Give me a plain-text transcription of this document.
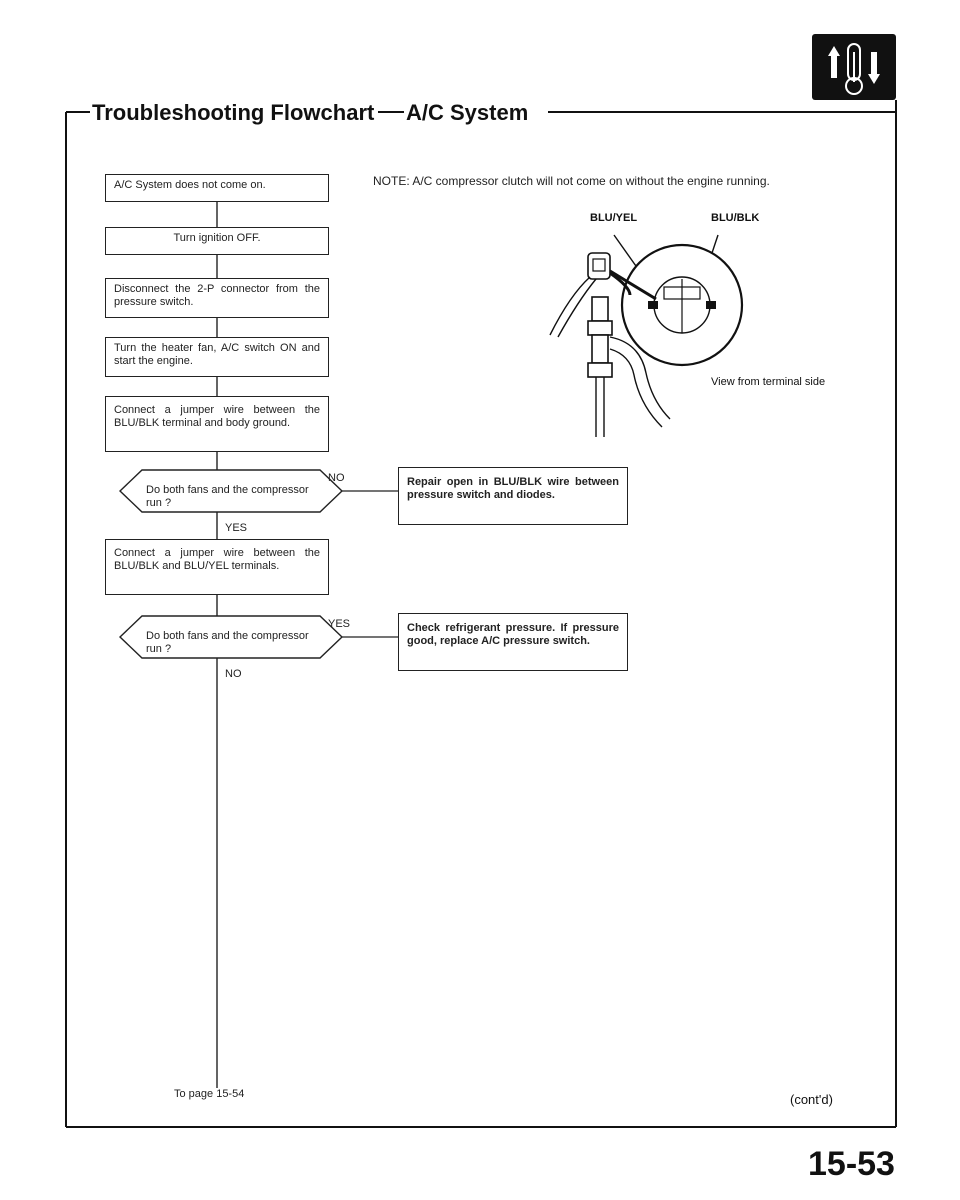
Troubleshooting Flowchart A/C System
A/C System does not come on.
Turn ignition OFF.
Disconnect the 2-P connector from the pressure switch.
Turn the heater fan, A/C switch ON and start the engine.
Connect a jumper wire between the BLU/BLK terminal and body ground.
Do both fans and the compressor run ?
NO
YES
Repair open in BLU/BLK wire between pressure switch and diodes.
Connect a jumper wire between the BLU/BLK and BLU/YEL terminals.
Do both fans and the compressor run ?
YES
NO
Check refrigerant pressure. If pressure good, replace A/C pressure switch.
To page 15-54
NOTE: A/C compressor clutch will not come on without the engine running.
BLU/YEL	BLU/BLK
View from terminal side
(cont'd)
15-53
